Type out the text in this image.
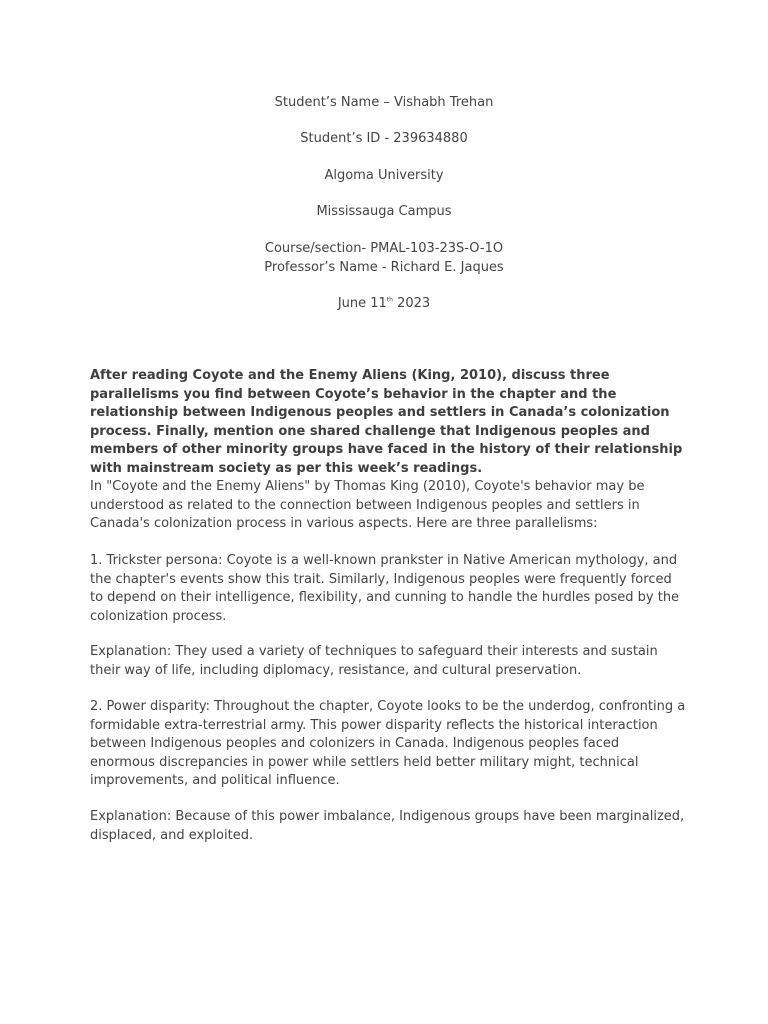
Student’s Name – Vishabh Trehan
Student’s ID - 239634880
Algoma University
Mississauga Campus
Course/section- PMAL-103-23S-O-1O
Professor’s Name - Richard E. Jaques
June 11th 2023

After reading Coyote and the Enemy Aliens (King, 2010), discuss three parallelisms you find between Coyote’s behavior in the chapter and the relationship between Indigenous peoples and settlers in Canada’s colonization process. Finally, mention one shared challenge that Indigenous peoples and members of other minority groups have faced in the history of their relationship with mainstream society as per this week’s readings.

In "Coyote and the Enemy Aliens" by Thomas King (2010), Coyote's behavior may be understood as related to the connection between Indigenous peoples and settlers in Canada's colonization process in various aspects. Here are three parallelisms:

1. Trickster persona: Coyote is a well-known prankster in Native American mythology, and the chapter's events show this trait. Similarly, Indigenous peoples were frequently forced to depend on their intelligence, flexibility, and cunning to handle the hurdles posed by the colonization process.

Explanation: They used a variety of techniques to safeguard their interests and sustain their way of life, including diplomacy, resistance, and cultural preservation.

2. Power disparity: Throughout the chapter, Coyote looks to be the underdog, confronting a formidable extra-terrestrial army. This power disparity reflects the historical interaction between Indigenous peoples and colonizers in Canada. Indigenous peoples faced enormous discrepancies in power while settlers held better military might, technical improvements, and political influence.

Explanation: Because of this power imbalance, Indigenous groups have been marginalized, displaced, and exploited.
